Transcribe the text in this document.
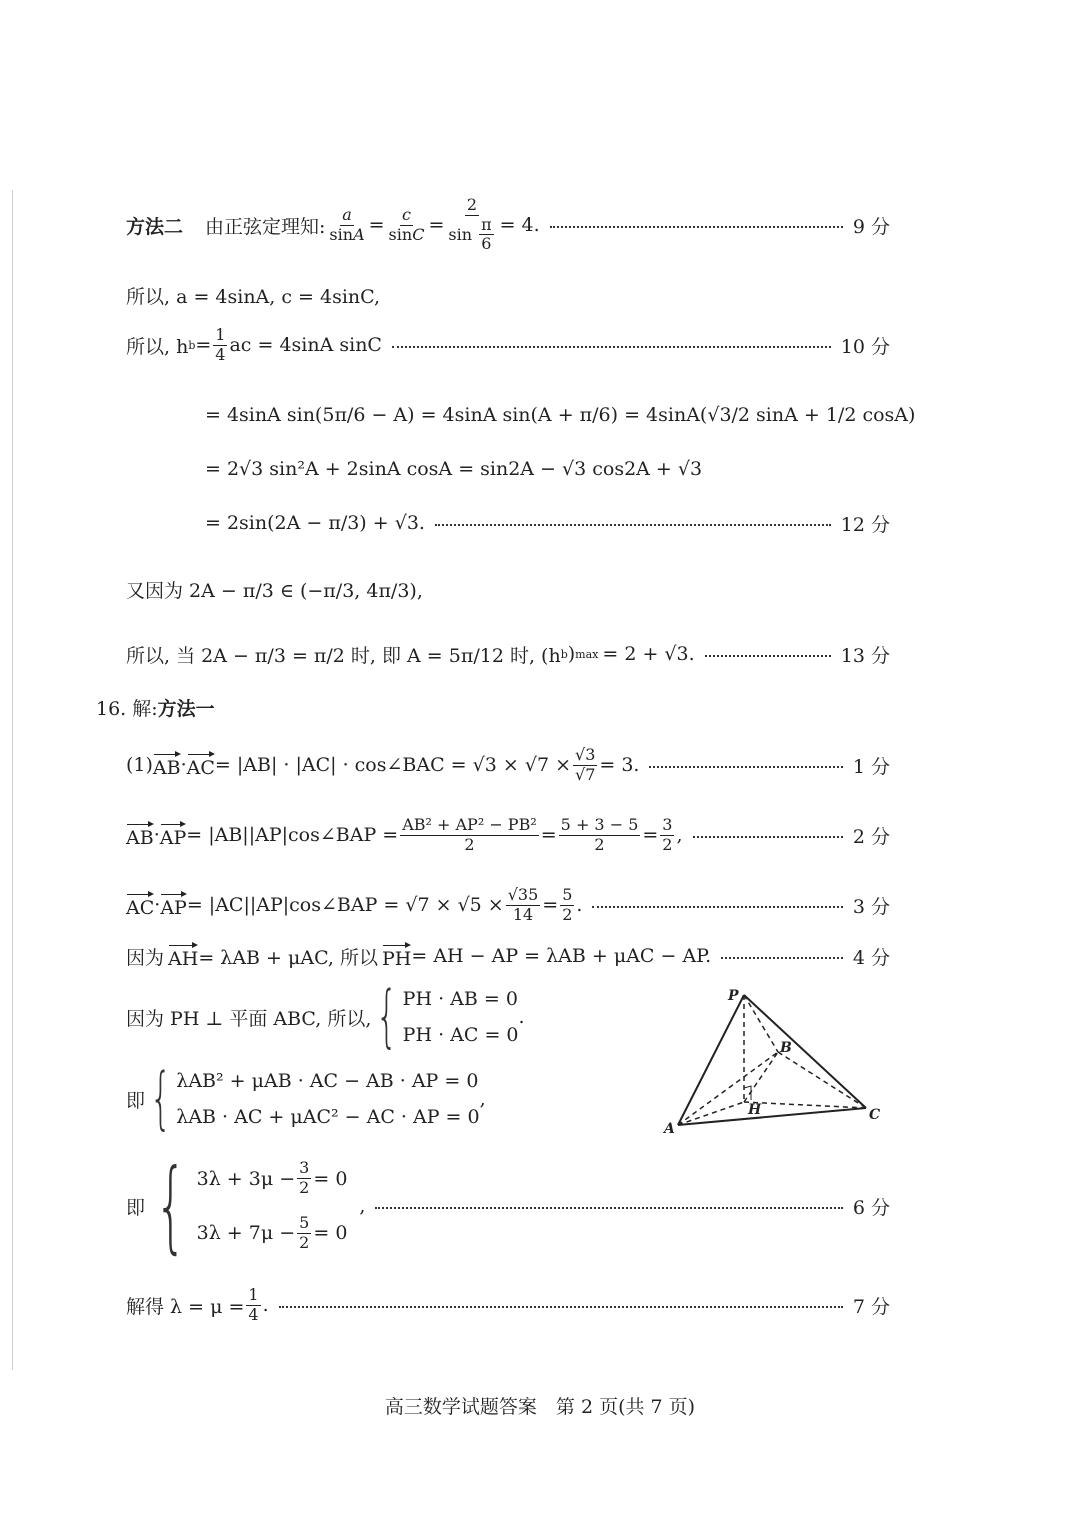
方法二 由正弦定理知: $\frac{a}{\sin A} = \frac{c}{\sin C} = \frac{2}{\sin \frac{\pi}{6}} = 4$.	9 分
所以, a = 4sinA, c = 4sinC,
所以, h $b = \frac{1}{4}$ ac = 4sinA sinC	10 分
= 4sinA sin(5π/6 − A) = 4sinA sin(A + π/6) = 4sinA(√3/2 sinA + 1/2 cosA)
= 2√3 sin²A + 2sinA cosA = sin2A − √3 cos2A + √3
= 2sin(2A − π/3) + √3.	12 分
又因为 2A − π/3 ∈ (−π/3, 4π/3),
所以, 当 2A − π/3 = π/2 时, 即 A = 5π/12 时, (h b ) max = 2 + √3.	13 分
16. 解: 方法一
(1) AB · AC = |AB| · |AC| · cos∠BAC = $√3 \times √7 \times \frac{√3}{√7} = 3$.	1 分
AB · AP = |AB||AP|cos∠BAP = $\frac{\text{AB² + AP² − PB²}}{2} = \frac{5 + 3 - 5}{2} = \frac{3}{2}$ ,	2 分
AC · AP = |AC||AP|cos∠BAP = $√7 \times √5 \times \frac{√35}{14} = \frac{5}{2}$ .	3 分
因为 AH = λAB + μAC, 所以 PH = AH − AP = λAB + μAC − AP.	4 分
因为 PH ⊥ 平面 ABC, 所以, { PH · AB = 0
PH · AC = 0
.
即 { λAB² + μAB · AC − AB · AP = 0
λAB · AC + μAC² − AC · AP = 0
,
即 { $3\lambda + 3\mu - \frac{3}{2} = 0$
$3\lambda + 7\mu - \frac{5}{2} = 0$
,	6 分
解得 $\lambda = \mu = \frac{1}{4}$ .	7 分
P
B
H
A
C
高三数学试题答案　第 2 页(共 7 页)
